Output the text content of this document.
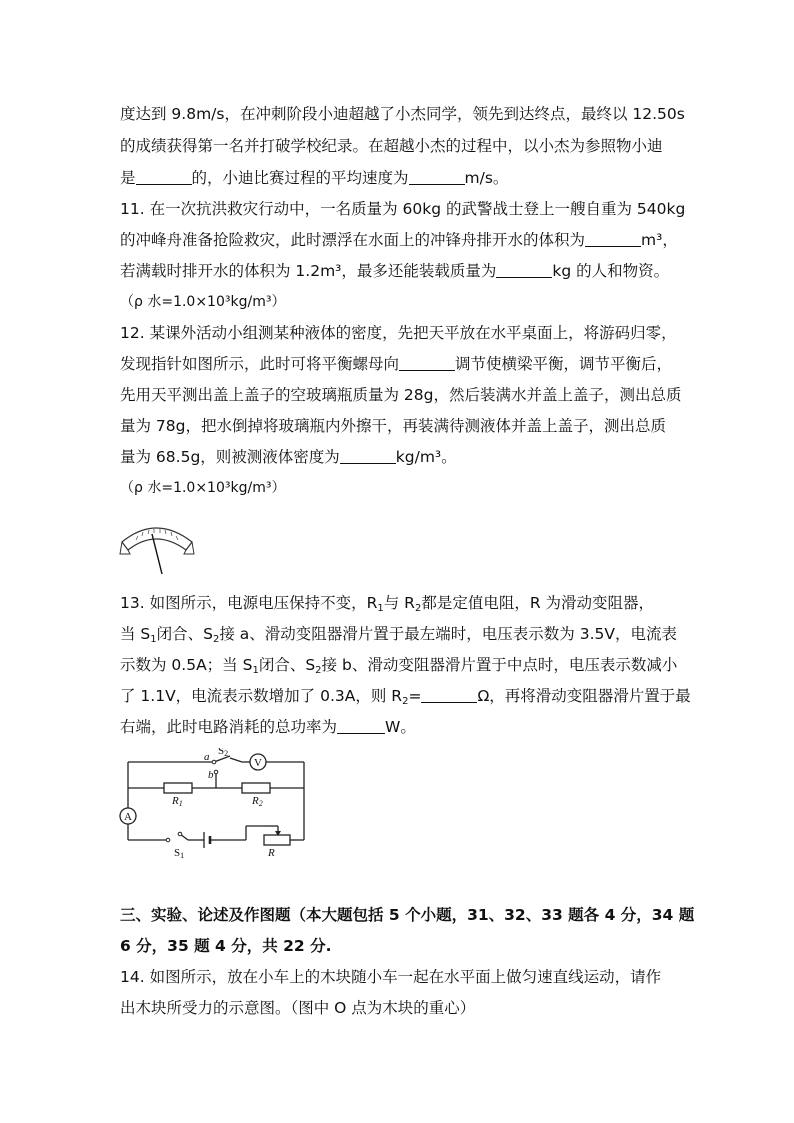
度达到 9.8m/s，在冲刺阶段小迪超越了小杰同学，领先到达终点，最终以 12.50s
的成绩获得第一名并打破学校纪录。在超越小杰的过程中，以小杰为参照物小迪
是	的，小迪比赛过程的平均速度为	m/s。
11. 在一次抗洪救灾行动中，一名质量为 60kg 的武警战士登上一艘自重为 540kg
的冲峰舟准备抢险救灾，此时漂浮在水面上的冲锋舟排开水的体积为	m³，
若满载时排开水的体积为 1.2m³，最多还能装载质量为	kg 的人和物资。
（ρ 水=1.0×10³kg/m³）
12. 某课外活动小组测某种液体的密度，先把天平放在水平桌面上，将游码归零，
发现指针如图所示，此时可将平衡螺母向	调节使横梁平衡，调节平衡后，
先用天平测出盖上盖子的空玻璃瓶质量为 28g，然后装满水并盖上盖子，测出总质
量为 78g，把水倒掉将玻璃瓶内外擦干，再装满待测液体并盖上盖子，测出总质
量为 68.5g，则被测液体密度为	kg/m³。
（ρ 水=1.0×10³kg/m³）
13. 如图所示，电源电压保持不变，$R_1$与 $R_2$都是定值电阻，R 为滑动变阻器，
当 $S_1$闭合、$S_2$接 a、滑动变阻器滑片置于最左端时，电压表示数为 3.5V，电流表
示数为 0.5A；当 $S_1$闭合、$S_2$接 b、滑动变阻器滑片置于中点时，电压表示数减小
了 1.1V，电流表示数增加了 0.3A，则 $R_2=$	Ω，再将滑动变阻器滑片置于最
右端，此时电路消耗的总功率为	W。
V
A
a
b
S2
R1	R2
S1	R
三、实验、论述及作图题（本大题包括 5 个小题，31、32、33 题各 4 分，34 题
6 分，35 题 4 分，共 22 分.
14. 如图所示，放在小车上的木块随小车一起在水平面上做匀速直线运动，请作
出木块所受力的示意图。（图中 O 点为木块的重心）
